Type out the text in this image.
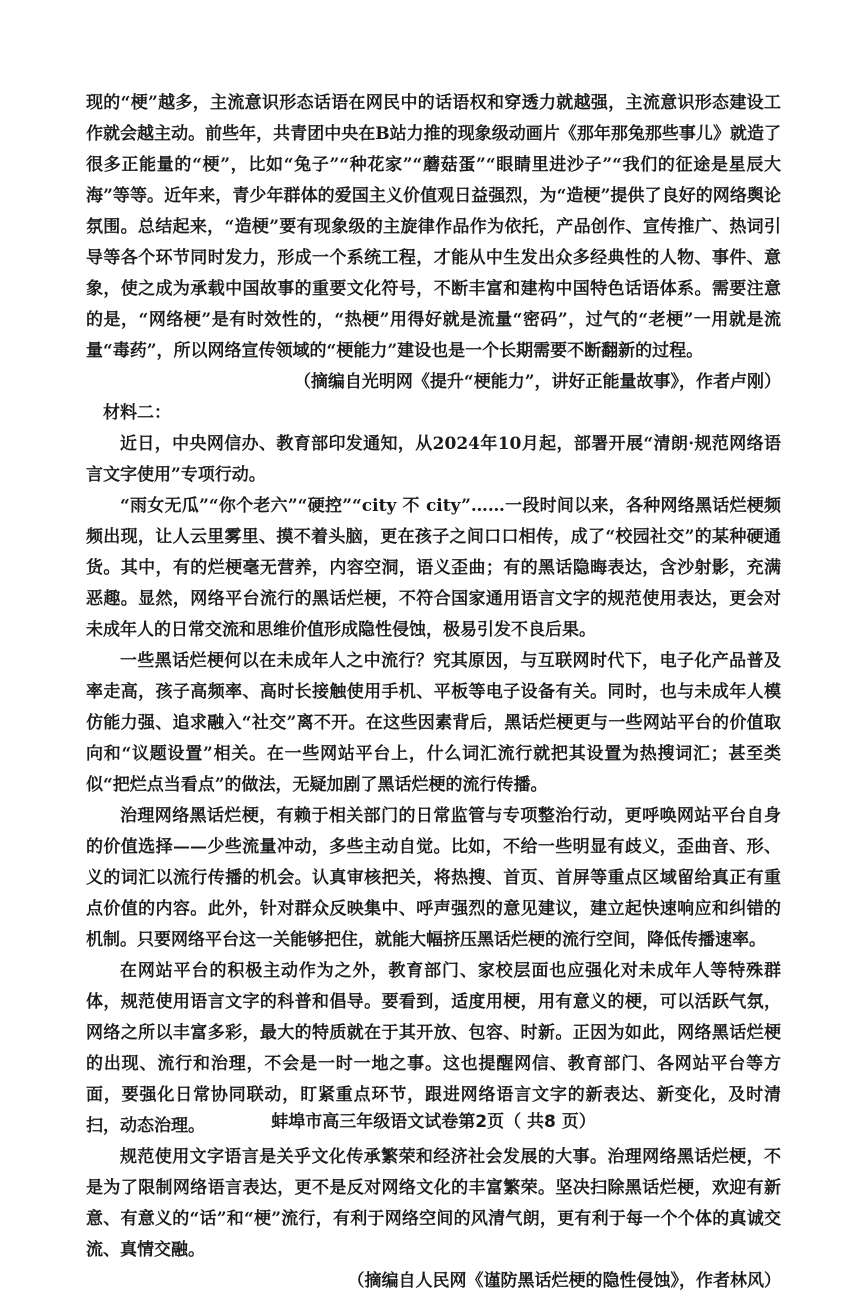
现的“梗”越多，主流意识形态话语在网民中的话语权和穿透力就越强，主流意识形态建设工作就会越主动。前些年，共青团中央在B站力推的现象级动画片《那年那兔那些事儿》就造了很多正能量的“梗”，比如“兔子”“种花家”“蘑菇蛋”“眼睛里进沙子”“我们的征途是星辰大海”等等。近年来，青少年群体的爱国主义价值观日益强烈，为“造梗”提供了良好的网络舆论氛围。总结起来，“造梗”要有现象级的主旋律作品作为依托，产品创作、宣传推广、热词引导等各个环节同时发力，形成一个系统工程，才能从中生发出众多经典性的人物、事件、意象，使之成为承载中国故事的重要文化符号，不断丰富和建构中国特色话语体系。需要注意的是，“网络梗”是有时效性的，“热梗”用得好就是流量“密码”，过气的“老梗”一用就是流量“毒药”，所以网络宣传领域的“梗能力”建设也是一个长期需要不断翻新的过程。

（摘编自光明网《提升“梗能力”，讲好正能量故事》，作者卢刚）

材料二：

近日，中央网信办、教育部印发通知，从2024年10月起，部署开展“清朗·规范网络语言文字使用”专项行动。

“雨女无瓜”“你个老六”“硬控”“city 不 city”……一段时间以来，各种网络黑话烂梗频频出现，让人云里雾里、摸不着头脑，更在孩子之间口口相传，成了“校园社交”的某种硬通货。其中，有的烂梗毫无营养，内容空洞，语义歪曲；有的黑话隐晦表达，含沙射影，充满恶趣。显然，网络平台流行的黑话烂梗，不符合国家通用语言文字的规范使用表达，更会对未成年人的日常交流和思维价值形成隐性侵蚀，极易引发不良后果。

一些黑话烂梗何以在未成年人之中流行？究其原因，与互联网时代下，电子化产品普及率走高，孩子高频率、高时长接触使用手机、平板等电子设备有关。同时，也与未成年人模仿能力强、追求融入“社交”离不开。在这些因素背后，黑话烂梗更与一些网站平台的价值取向和“议题设置”相关。在一些网站平台上，什么词汇流行就把其设置为热搜词汇；甚至类似“把烂点当看点”的做法，无疑加剧了黑话烂梗的流行传播。

治理网络黑话烂梗，有赖于相关部门的日常监管与专项整治行动，更呼唤网站平台自身的价值选择——少些流量冲动，多些主动自觉。比如，不给一些明显有歧义，歪曲音、形、义的词汇以流行传播的机会。认真审核把关，将热搜、首页、首屏等重点区域留给真正有重点价值的内容。此外，针对群众反映集中、呼声强烈的意见建议，建立起快速响应和纠错的机制。只要网络平台这一关能够把住，就能大幅挤压黑话烂梗的流行空间，降低传播速率。

在网站平台的积极主动作为之外，教育部门、家校层面也应强化对未成年人等特殊群体，规范使用语言文字的科普和倡导。要看到，适度用梗，用有意义的梗，可以活跃气氛，网络之所以丰富多彩，最大的特质就在于其开放、包容、时新。正因为如此，网络黑话烂梗的出现、流行和治理，不会是一时一地之事。这也提醒网信、教育部门、各网站平台等方面，要强化日常协同联动，盯紧重点环节，跟进网络语言文字的新表达、新变化，及时清扫，动态治理。

规范使用文字语言是关乎文化传承繁荣和经济社会发展的大事。治理网络黑话烂梗，不是为了限制网络语言表达，更不是反对网络文化的丰富繁荣。坚决扫除黑话烂梗，欢迎有新意、有意义的“话”和“梗”流行，有利于网络空间的风清气朗，更有利于每一个个体的真诚交流、真情交融。

（摘编自人民网《谨防黑话烂梗的隐性侵蚀》，作者林风）

蚌埠市高三年级语文试卷第2页（ 共8 页）
